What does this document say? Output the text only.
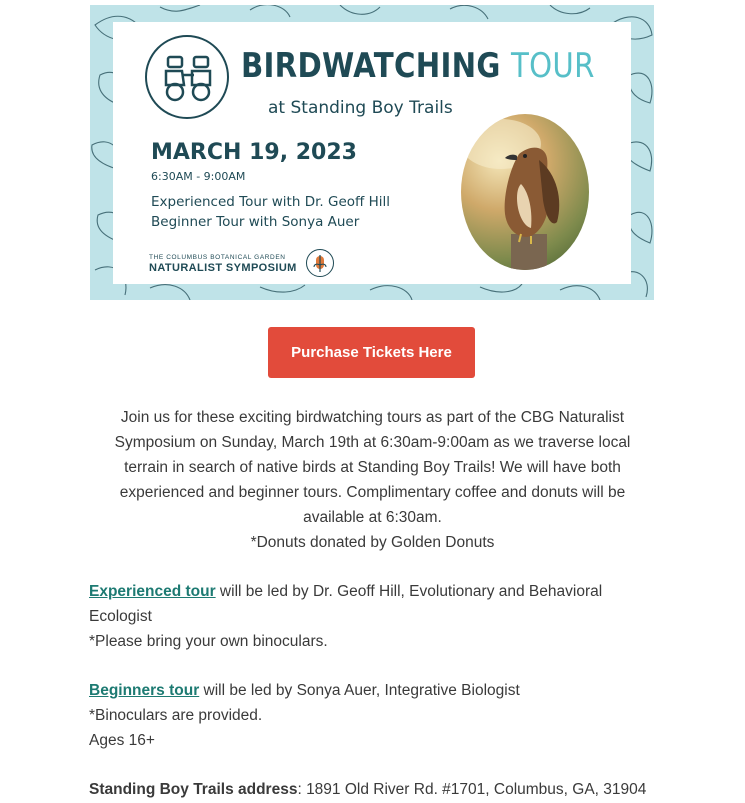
BIRDWATCHING TOUR
at Standing Boy Trails
MARCH 19, 2023
6:30AM - 9:00AM
Experienced Tour with Dr. Geoff Hill
Beginner Tour with Sonya Auer
THE COLUMBUS BOTANICAL GARDEN
NATURALIST SYMPOSIUM
Purchase Tickets Here
Join us for these exciting birdwatching tours as part of the CBG Naturalist Symposium on Sunday, March 19th at 6:30am-9:00am as we traverse local terrain in search of native birds at Standing Boy Trails! We will have both experienced and beginner tours. Complimentary coffee and donuts will be available at 6:30am.
*Donuts donated by Golden Donuts
Experienced tour will be led by Dr. Geoff Hill, Evolutionary and Behavioral Ecologist
*Please bring your own binoculars.
Beginners tour will be led by Sonya Auer, Integrative Biologist
*Binoculars are provided.
Ages 16+
Standing Boy Trails address: 1891 Old River Rd. #1701, Columbus, GA, 31904
